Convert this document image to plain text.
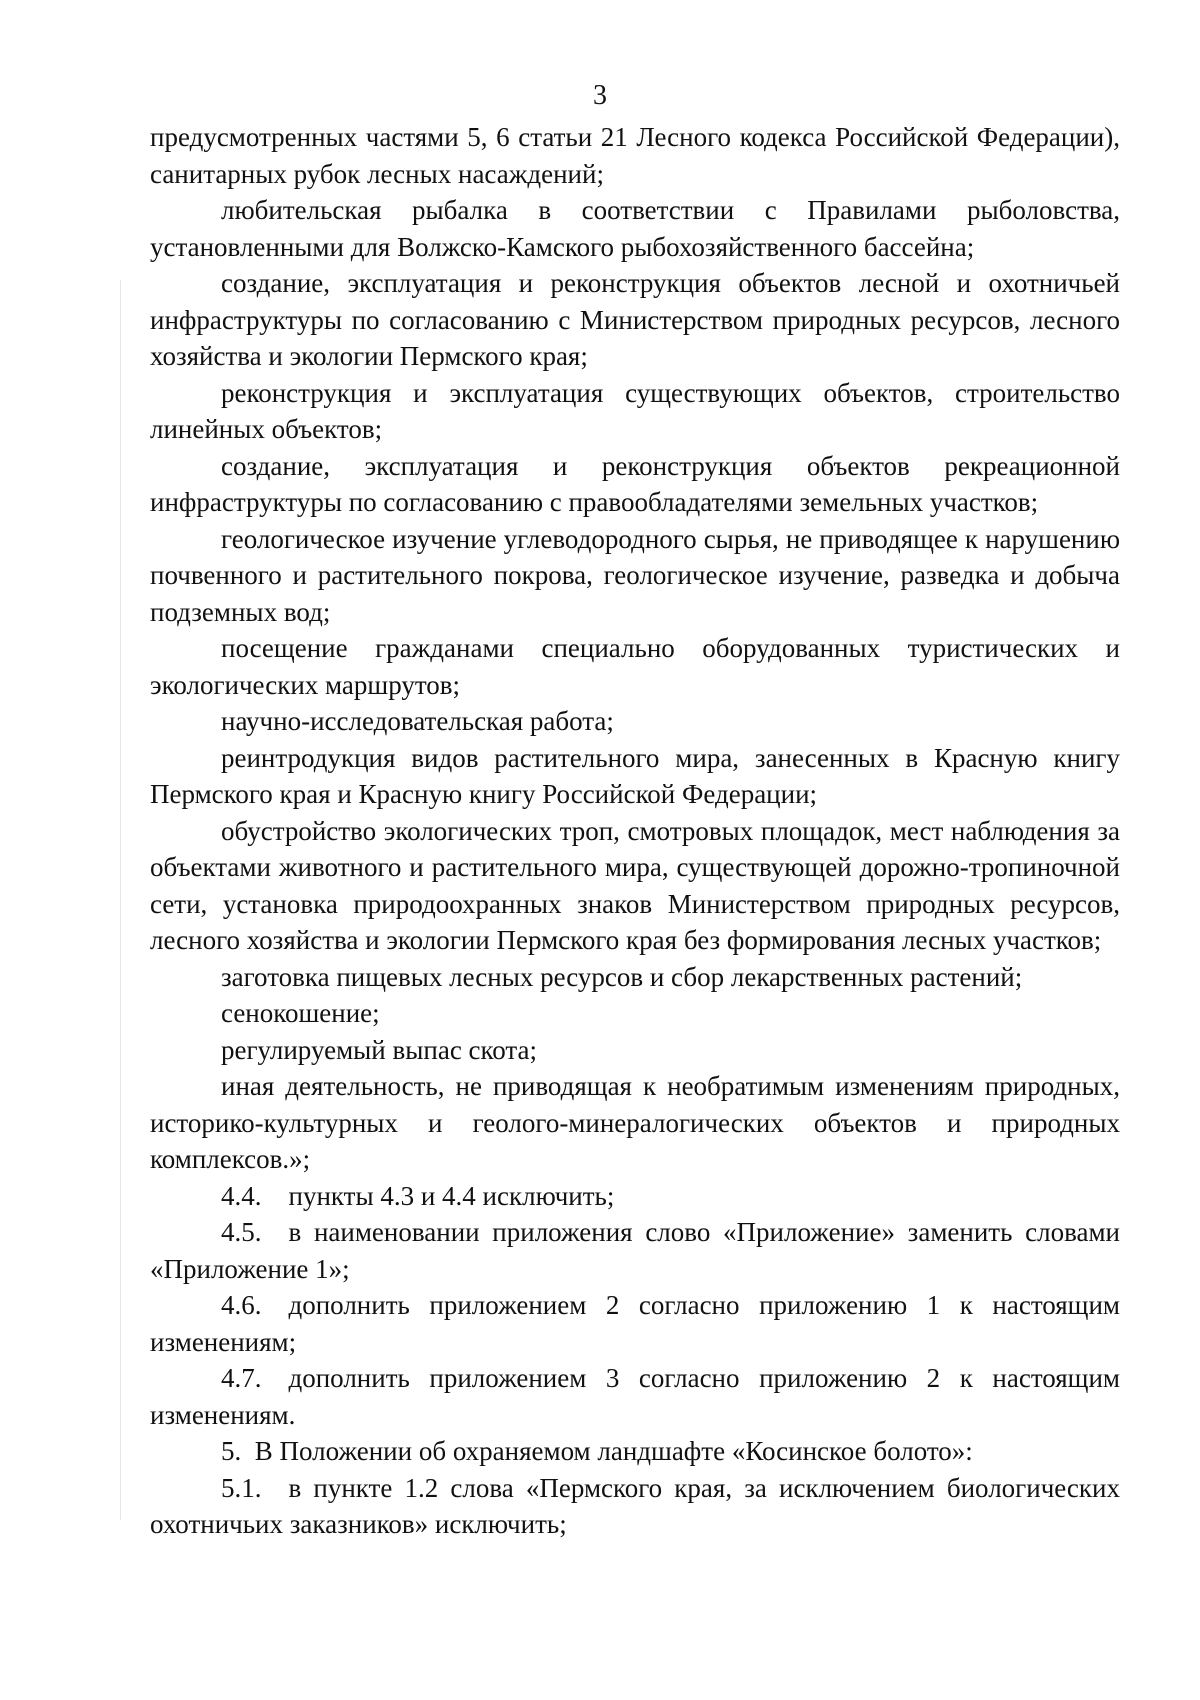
3

предусмотренных частями 5, 6 статьи 21 Лесного кодекса Российской Федерации), санитарных рубок лесных насаждений;

любительская рыбалка в соответствии с Правилами рыболовства, установленными для Волжско-Камского рыбохозяйственного бассейна;

создание, эксплуатация и реконструкция объектов лесной и охотничьей инфраструктуры по согласованию с Министерством природных ресурсов, лесного хозяйства и экологии Пермского края;

реконструкция и эксплуатация существующих объектов, строительство линейных объектов;

создание, эксплуатация и реконструкция объектов рекреационной инфраструктуры по согласованию с правообладателями земельных участков;

геологическое изучение углеводородного сырья, не приводящее к нарушению почвенного и растительного покрова, геологическое изучение, разведка и добыча подземных вод;

посещение гражданами специально оборудованных туристических и экологических маршрутов;

научно-исследовательская работа;

реинтродукция видов растительного мира, занесенных в Красную книгу Пермского края и Красную книгу Российской Федерации;

обустройство экологических троп, смотровых площадок, мест наблюдения за объектами животного и растительного мира, существующей дорожно-тропиночной сети, установка природоохранных знаков Министерством природных ресурсов, лесного хозяйства и экологии Пермского края без формирования лесных участков;

заготовка пищевых лесных ресурсов и сбор лекарственных растений;

сенокошение;

регулируемый выпас скота;

иная деятельность, не приводящая к необратимым изменениям природных, историко-культурных и геолого-минералогических объектов и природных комплексов.»;

4.4. пункты 4.3 и 4.4 исключить;

4.5. в наименовании приложения слово «Приложение» заменить словами «Приложение 1»;

4.6. дополнить приложением 2 согласно приложению 1 к настоящим изменениям;

4.7. дополнить приложением 3 согласно приложению 2 к настоящим изменениям.

5. В Положении об охраняемом ландшафте «Косинское болото»:

5.1. в пункте 1.2 слова «Пермского края, за исключением биологических охотничьих заказников» исключить;
